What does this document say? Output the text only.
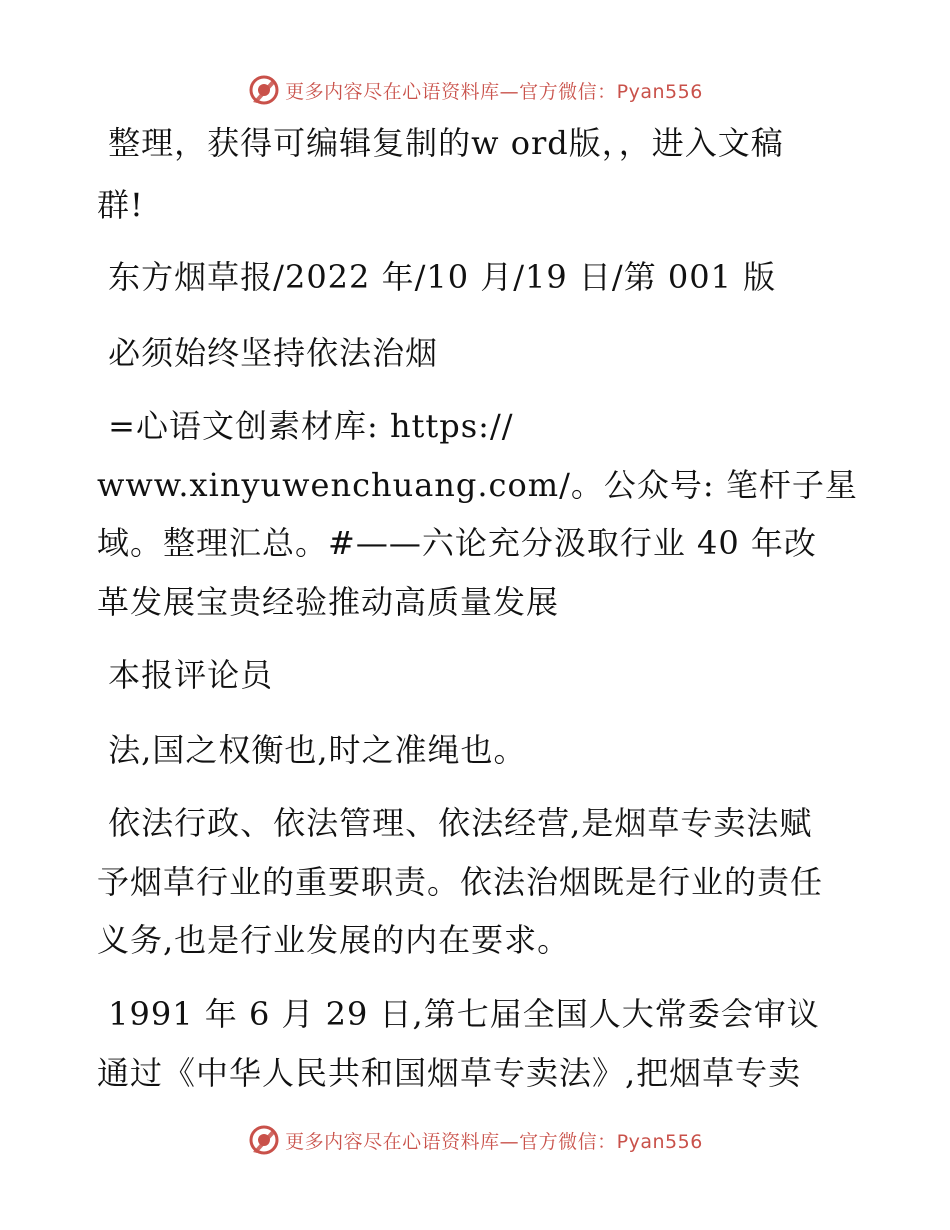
更多内容尽在心语资料库—官方微信：Pyan556
整理，获得可编辑复制的w ord版，，进入文稿
群!
东方烟草报/2022 年/10 月/19 日/第 001 版
必须始终坚持依法治烟
=心语文创素材库: https://
www.xinyuwenchuang.com/。公众号: 笔杆子星
域。整理汇总。#——六论充分汲取行业 40 年改
革发展宝贵经验推动高质量发展
本报评论员
法,国之权衡也,时之准绳也。
依法行政、依法管理、依法经营,是烟草专卖法赋
予烟草行业的重要职责。依法治烟既是行业的责任
义务,也是行业发展的内在要求。
1991 年 6 月 29 日,第七届全国人大常委会审议
通过《中华人民共和国烟草专卖法》,把烟草专卖
更多内容尽在心语资料库—官方微信：Pyan556
